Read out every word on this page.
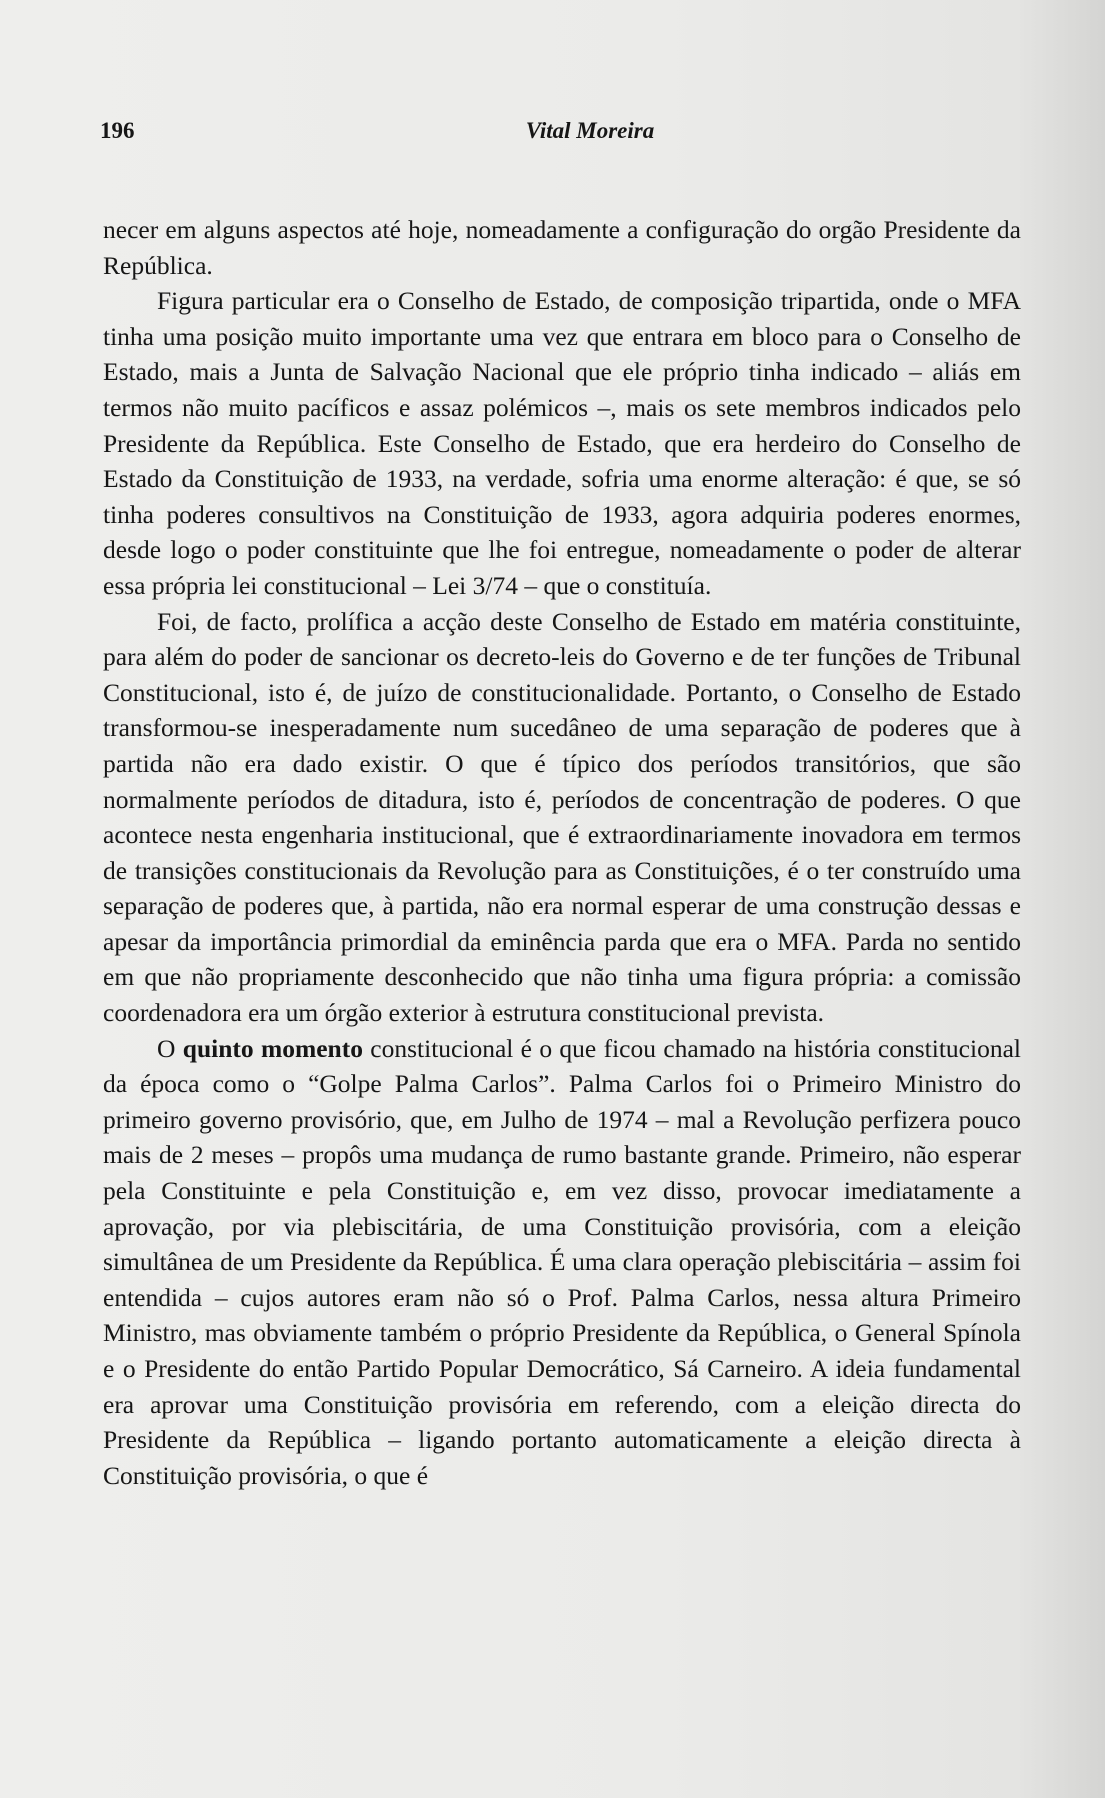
196	Vital Moreira

necer em alguns aspectos até hoje, nomeadamente a configuração do orgão Presidente da República.

Figura particular era o Conselho de Estado, de composição tripartida, onde o MFA tinha uma posição muito importante uma vez que entrara em bloco para o Conselho de Estado, mais a Junta de Salvação Nacional que ele próprio tinha indicado – aliás em termos não muito pacíficos e assaz polémicos –, mais os sete membros indicados pelo Presidente da República. Este Conselho de Estado, que era herdeiro do Conselho de Estado da Constituição de 1933, na verdade, sofria uma enorme alteração: é que, se só tinha poderes consultivos na Constituição de 1933, agora adquiria poderes enormes, desde logo o poder constituinte que lhe foi entregue, nomeadamente o poder de alterar essa própria lei constitucional – Lei 3/74 – que o constituía.

Foi, de facto, prolífica a acção deste Conselho de Estado em matéria constituinte, para além do poder de sancionar os decreto-leis do Governo e de ter funções de Tribunal Constitucional, isto é, de juízo de constitucionalidade. Portanto, o Conselho de Estado transformou-se inesperadamente num sucedâneo de uma separação de poderes que à partida não era dado existir. O que é típico dos períodos transitórios, que são normalmente períodos de ditadura, isto é, períodos de concentração de poderes. O que acontece nesta engenharia institucional, que é extraordinariamente inovadora em termos de transições constitucionais da Revolução para as Constituições, é o ter construído uma separação de poderes que, à partida, não era normal esperar de uma construção dessas e apesar da importância primordial da eminência parda que era o MFA. Parda no sentido em que não propriamente desconhecido que não tinha uma figura própria: a comissão coordenadora era um órgão exterior à estrutura constitucional prevista.

O quinto momento constitucional é o que ficou chamado na história constitucional da época como o “Golpe Palma Carlos”. Palma Carlos foi o Primeiro Ministro do primeiro governo provisório, que, em Julho de 1974 – mal a Revolução perfizera pouco mais de 2 meses – propôs uma mudança de rumo bastante grande. Primeiro, não esperar pela Constituinte e pela Constituição e, em vez disso, provocar imediatamente a aprovação, por via plebiscitária, de uma Constituição provisória, com a eleição simultânea de um Presidente da República. É uma clara operação plebiscitária – assim foi entendida – cujos autores eram não só o Prof. Palma Carlos, nessa altura Primeiro Ministro, mas obviamente também o próprio Presidente da República, o General Spínola e o Presidente do então Partido Popular Democrático, Sá Carneiro. A ideia fundamental era aprovar uma Constituição provisória em referendo, com a eleição directa do Presidente da República – ligando portanto automaticamente a eleição directa à Constituição provisória, o que é
